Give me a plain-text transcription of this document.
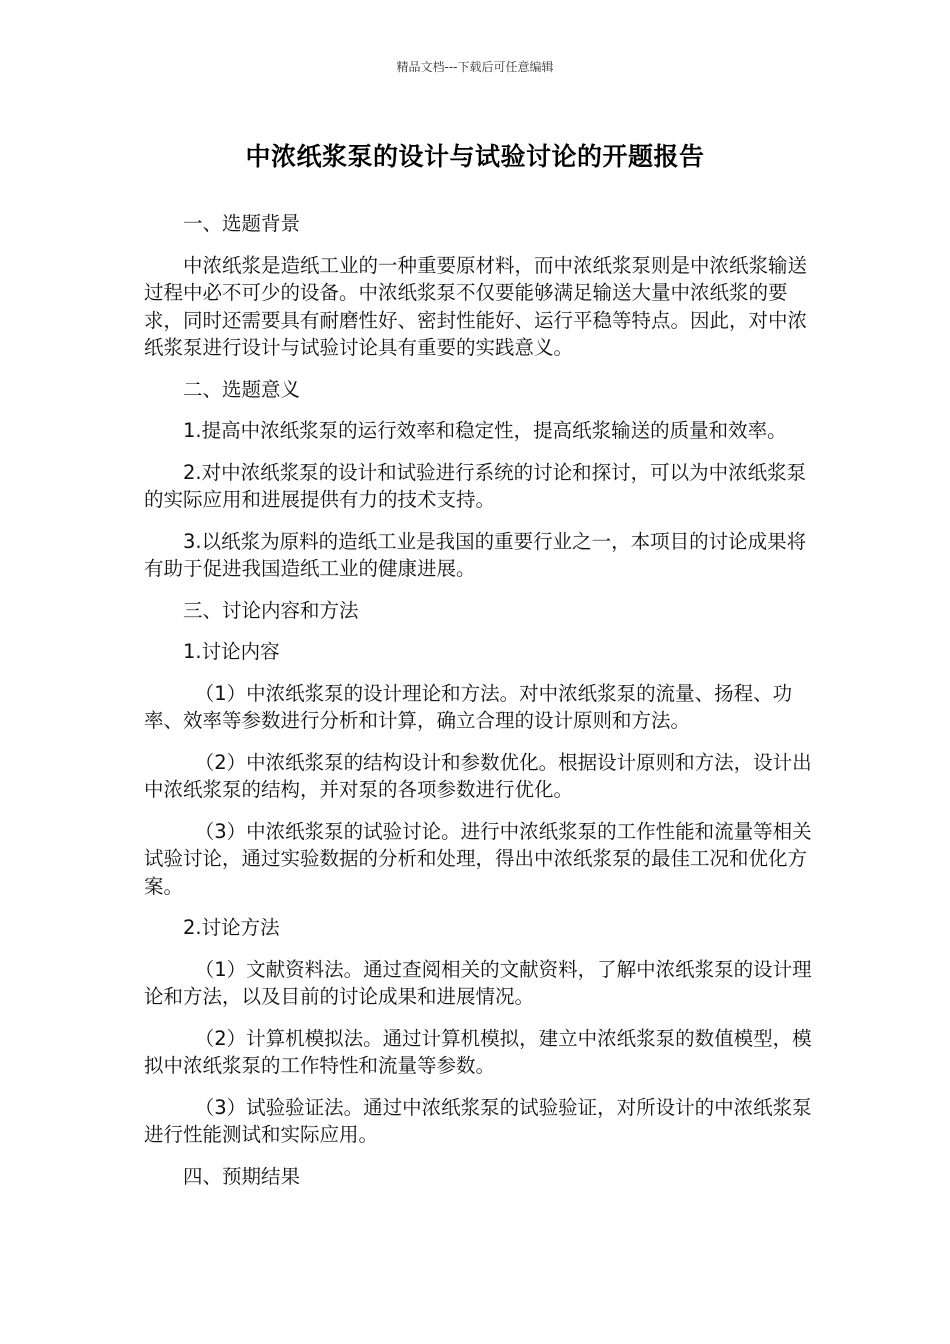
精品文档---下载后可任意编辑
中浓纸浆泵的设计与试验讨论的开题报告

一、选题背景

中浓纸浆是造纸工业的一种重要原材料，而中浓纸浆泵则是中浓纸浆输送过程中必不可少的设备。中浓纸浆泵不仅要能够满足输送大量中浓纸浆的要求，同时还需要具有耐磨性好、密封性能好、运行平稳等特点。因此，对中浓纸浆泵进行设计与试验讨论具有重要的实践意义。

二、选题意义

1.提高中浓纸浆泵的运行效率和稳定性，提高纸浆输送的质量和效率。

2.对中浓纸浆泵的设计和试验进行系统的讨论和探讨，可以为中浓纸浆泵的实际应用和进展提供有力的技术支持。

3.以纸浆为原料的造纸工业是我国的重要行业之一，本项目的讨论成果将有助于促进我国造纸工业的健康进展。

三、讨论内容和方法

1.讨论内容

（1）中浓纸浆泵的设计理论和方法。对中浓纸浆泵的流量、扬程、功率、效率等参数进行分析和计算，确立合理的设计原则和方法。

（2）中浓纸浆泵的结构设计和参数优化。根据设计原则和方法，设计出中浓纸浆泵的结构，并对泵的各项参数进行优化。

（3）中浓纸浆泵的试验讨论。进行中浓纸浆泵的工作性能和流量等相关试验讨论，通过实验数据的分析和处理，得出中浓纸浆泵的最佳工况和优化方案。

2.讨论方法

（1）文献资料法。通过查阅相关的文献资料，了解中浓纸浆泵的设计理论和方法，以及目前的讨论成果和进展情况。

（2）计算机模拟法。通过计算机模拟，建立中浓纸浆泵的数值模型，模拟中浓纸浆泵的工作特性和流量等参数。

（3）试验验证法。通过中浓纸浆泵的试验验证，对所设计的中浓纸浆泵进行性能测试和实际应用。

四、预期结果
